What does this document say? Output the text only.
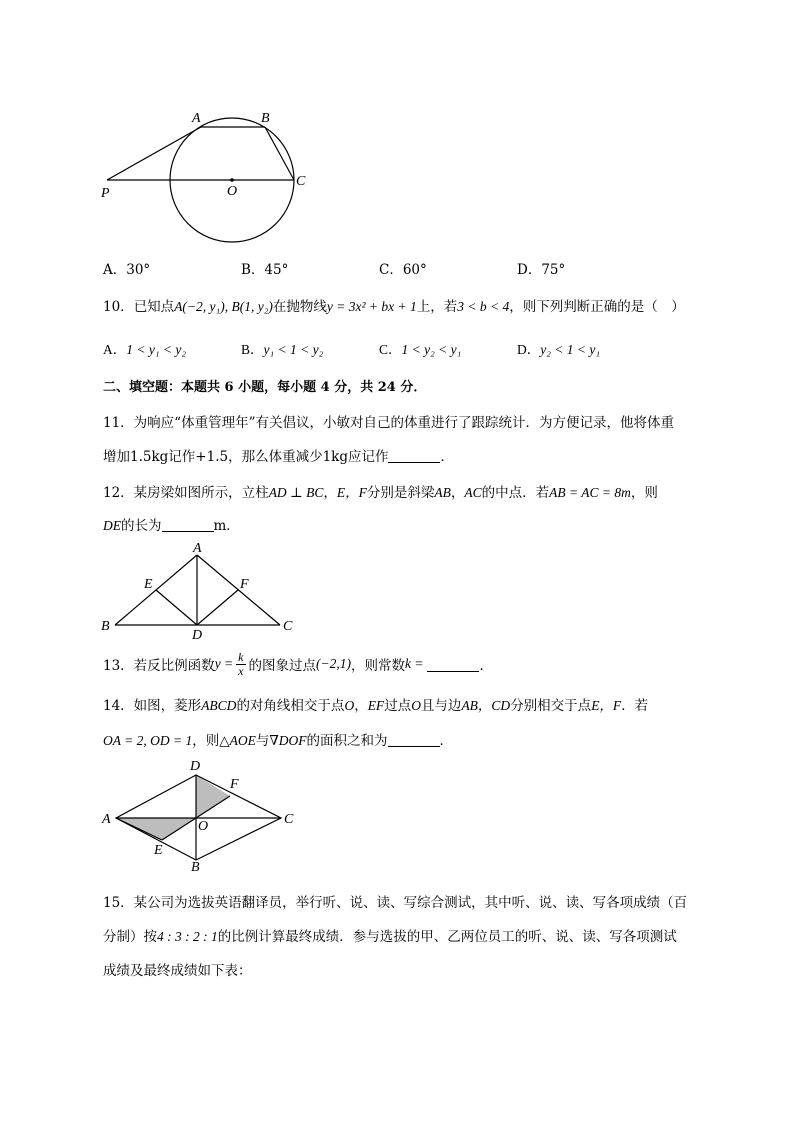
A	B
C
O
P
A．30°	B．45°	C．60°	D．75°
10．已知点A(−2, y₁), B(1, y₂)在抛物线y = 3x² + bx + 1上，若3 < b < 4，则下列判断正确的是（　）
A．1 < y₁ < y₂	B．y₁ < 1 < y₂	C．1 < y₂ < y₁	D．y₂ < 1 < y₁
二、填空题：本题共 6 小题，每小题 4 分，共 24 分．
11．为响应“体重管理年”有关倡议，小敏对自己的体重进行了跟踪统计．为方便记录，他将体重
增加1.5kg记作+1.5，那么体重减少1kg应记作	．
12．某房梁如图所示，立柱AD ⊥ BC，E，F分别是斜梁AB，AC的中点．若AB = AC = 8m，则
DE的长为	m．
A
B	C
D
E	F
13．若反比例函数 $y = \frac{k}{x}$ 的图象过点 (−2,1) ，则常数 k =	．
14．如图，菱形ABCD的对角线相交于点O，EF过点O且与边AB，CD分别相交于点E，F．若
OA = 2, OD = 1，则△AOE与∇DOF的面积之和为	．
A
B
C
D
E
F
O
15．某公司为选拔英语翻译员，举行听、说、读、写综合测试，其中听、说、读、写各项成绩（百
分制）按4 : 3 : 2 : 1的比例计算最终成绩．参与选拔的甲、乙两位员工的听、说、读、写各项测试
成绩及最终成绩如下表：
